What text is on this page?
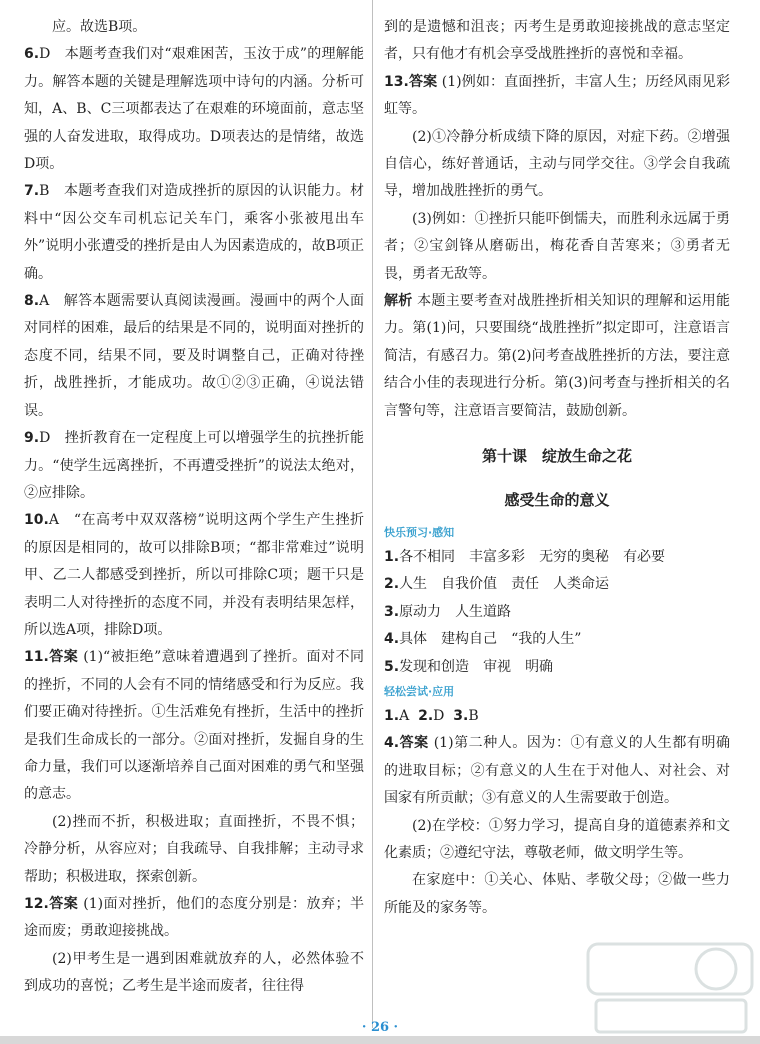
应。故选B项。

6.D　本题考查我们对“艰难困苦，玉汝于成”的理解能力。解答本题的关键是理解选项中诗句的内涵。分析可知，A、B、C三项都表达了在艰难的环境面前，意志坚强的人奋发进取，取得成功。D项表达的是情绪，故选D项。

7.B　本题考查我们对造成挫折的原因的认识能力。材料中“因公交车司机忘记关车门，乘客小张被甩出车外”说明小张遭受的挫折是由人为因素造成的，故B项正确。

8.A　解答本题需要认真阅读漫画。漫画中的两个人面对同样的困难，最后的结果是不同的，说明面对挫折的态度不同，结果不同，要及时调整自己，正确对待挫折，战胜挫折，才能成功。故①②③正确，④说法错误。

9.D　挫折教育在一定程度上可以增强学生的抗挫折能力。“使学生远离挫折，不再遭受挫折”的说法太绝对，②应排除。

10.A　“在高考中双双落榜”说明这两个学生产生挫折的原因是相同的，故可以排除B项；“都非常难过”说明甲、乙二人都感受到挫折，所以可排除C项；题干只是表明二人对待挫折的态度不同，并没有表明结果怎样，所以选A项，排除D项。

11.答案 (1)“被拒绝”意味着遭遇到了挫折。面对不同的挫折，不同的人会有不同的情绪感受和行为反应。我们要正确对待挫折。①生活难免有挫折，生活中的挫折是我们生命成长的一部分。②面对挫折，发掘自身的生命力量，我们可以逐渐培养自己面对困难的勇气和坚强的意志。

(2)挫而不折，积极进取；直面挫折，不畏不惧；冷静分析，从容应对；自我疏导、自我排解；主动寻求帮助；积极进取，探索创新。

12.答案 (1)面对挫折，他们的态度分别是：放弃；半途而废；勇敢迎接挑战。

(2)甲考生是一遇到困难就放弃的人，必然体验不到成功的喜悦；乙考生是半途而废者，往往得

到的是遗憾和沮丧；丙考生是勇敢迎接挑战的意志坚定者，只有他才有机会享受战胜挫折的喜悦和幸福。

13.答案 (1)例如：直面挫折，丰富人生；历经风雨见彩虹等。

(2)①冷静分析成绩下降的原因，对症下药。②增强自信心，练好普通话，主动与同学交往。③学会自我疏导，增加战胜挫折的勇气。

(3)例如：①挫折只能吓倒懦夫，而胜利永远属于勇者；②宝剑锋从磨砺出，梅花香自苦寒来；③勇者无畏，勇者无敌等。

解析 本题主要考查对战胜挫折相关知识的理解和运用能力。第(1)问，只要围绕“战胜挫折”拟定即可，注意语言简洁，有感召力。第(2)问考查战胜挫折的方法，要注意结合小佳的表现进行分析。第(3)问考查与挫折相关的名言警句等，注意语言要简洁，鼓励创新。

第十课　绽放生命之花
感受生命的意义
快乐预习·感知
1.各不相同 丰富多彩 无穷的奥秘 有必要
2.人生 自我价值 责任 人类命运
3.原动力 人生道路
4.具体 建构自己 “我的人生”
5.发现和创造 审视 明确
轻松尝试·应用
1.A 2.D 3.B

4.答案 (1)第二种人。因为：①有意义的人生都有明确的进取目标；②有意义的人生在于对他人、对社会、对国家有所贡献；③有意义的人生需要敢于创造。

(2)在学校：①努力学习，提高自身的道德素养和文化素质；②遵纪守法，尊敬老师，做文明学生等。

在家庭中：①关心、体贴、孝敬父母；②做一些力所能及的家务等。

· 26 ·
